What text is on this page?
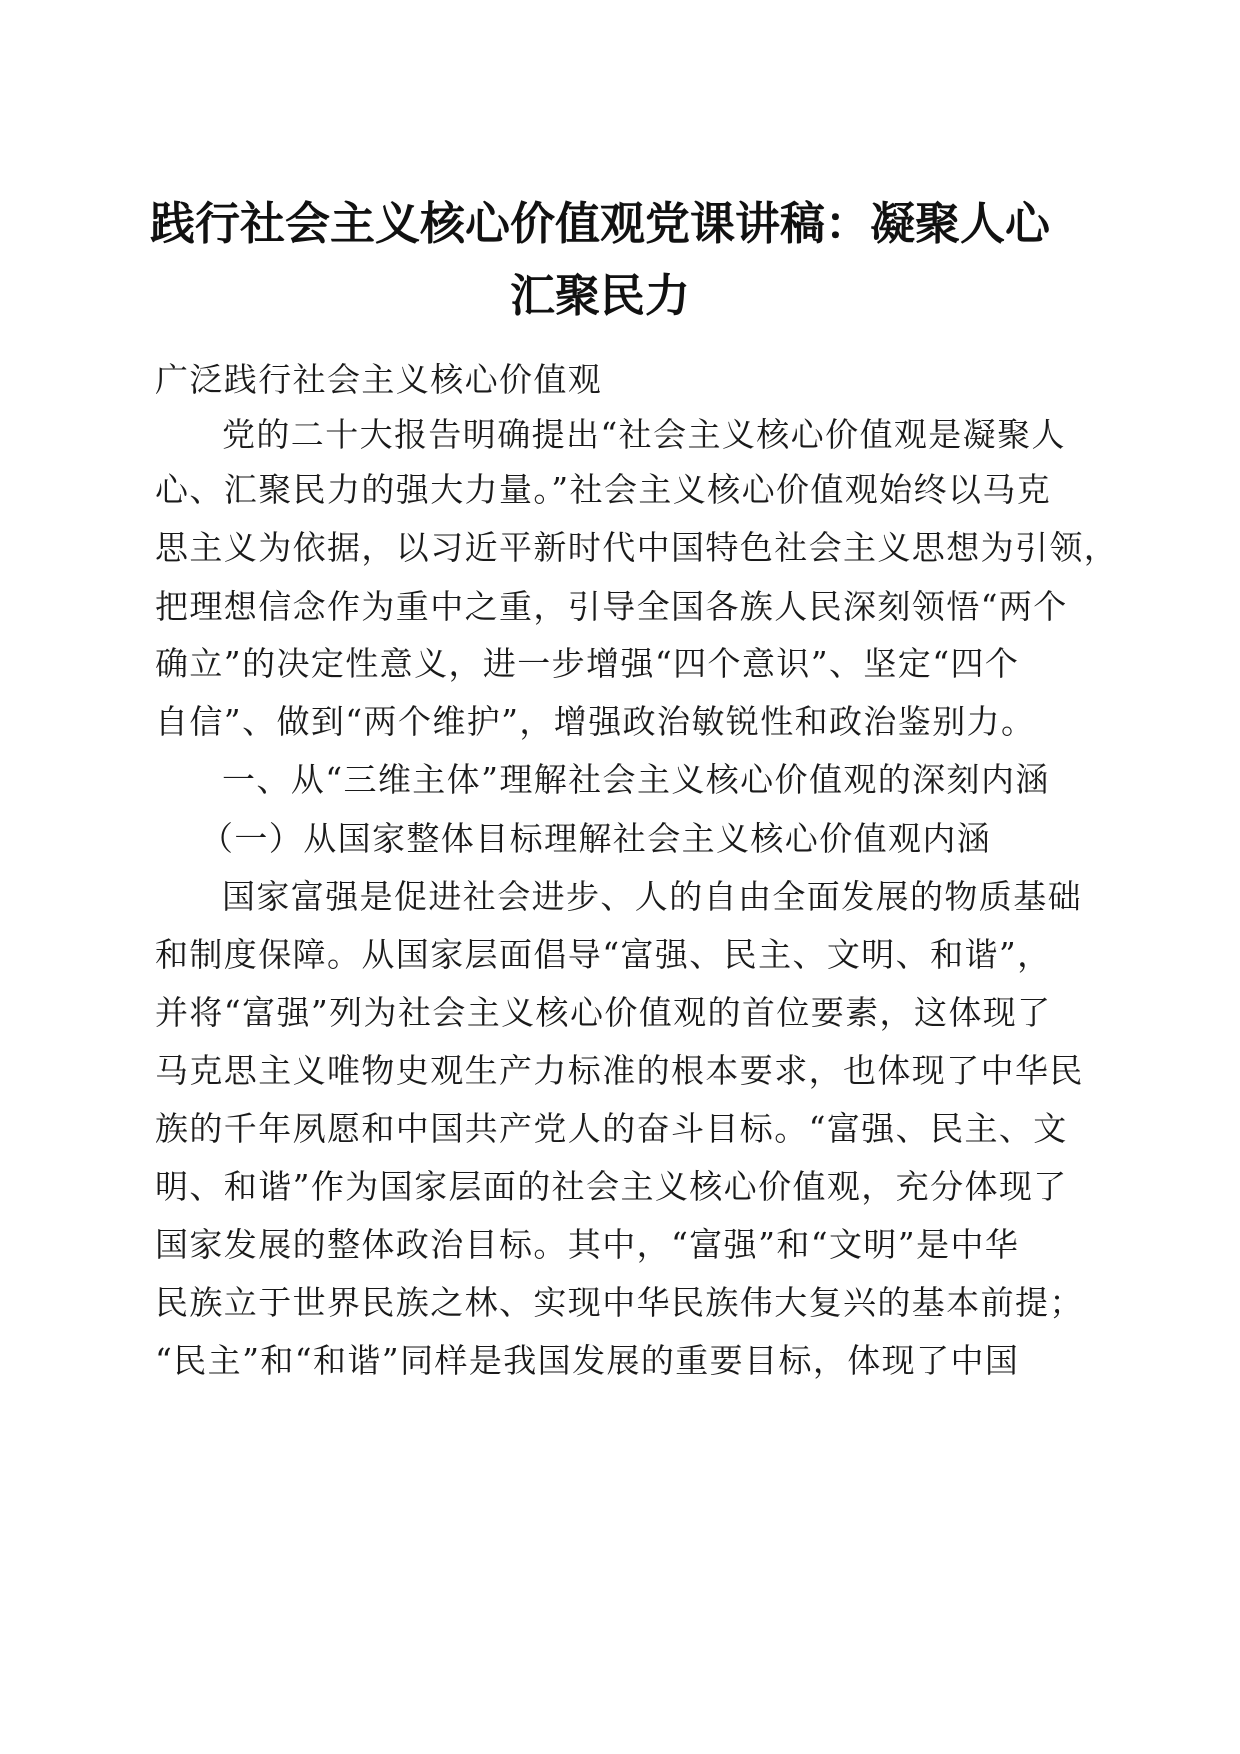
践行社会主义核心价值观党课讲稿：凝聚人心
汇聚民力
广泛践行社会主义核心价值观
党的二十大报告明确提出“社会主义核心价值观是凝聚人
心、汇聚民力的强大力量。”社会主义核心价值观始终以马克
思主义为依据，以习近平新时代中国特色社会主义思想为引领，
把理想信念作为重中之重，引导全国各族人民深刻领悟“两个
确立”的决定性意义，进一步增强“四个意识”、坚定“四个
自信”、做到“两个维护”，增强政治敏锐性和政治鉴别力。
一、从“三维主体”理解社会主义核心价值观的深刻内涵
（一）从国家整体目标理解社会主义核心价值观内涵
国家富强是促进社会进步、人的自由全面发展的物质基础
和制度保障。从国家层面倡导“富强、民主、文明、和谐”，
并将“富强”列为社会主义核心价值观的首位要素，这体现了
马克思主义唯物史观生产力标准的根本要求，也体现了中华民
族的千年夙愿和中国共产党人的奋斗目标。“富强、民主、文
明、和谐”作为国家层面的社会主义核心价值观，充分体现了
国家发展的整体政治目标。其中，“富强”和“文明”是中华
民族立于世界民族之林、实现中华民族伟大复兴的基本前提；
“民主”和“和谐”同样是我国发展的重要目标，体现了中国
